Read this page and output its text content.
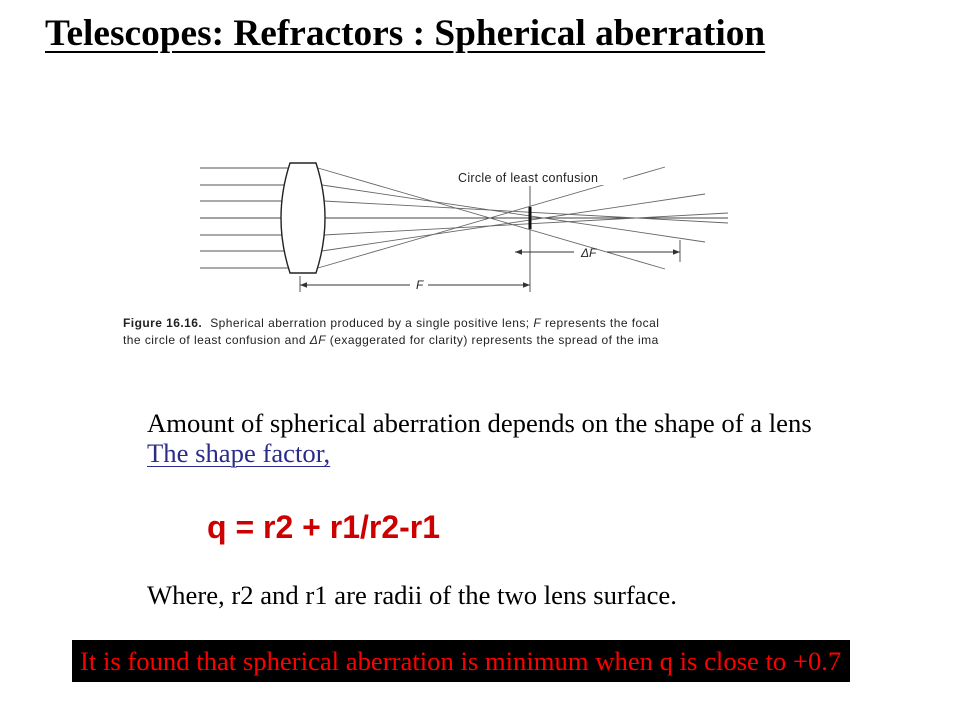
Telescopes: Refractors : Spherical aberration
Circle of least confusion
ΔF
F
Figure 16.16. Spherical aberration produced by a single positive lens; F represents the focal
the circle of least confusion and ΔF (exaggerated for clarity) represents the spread of the ima

Amount of spherical aberration depends on the shape of a lens

The shape factor,
q = r2 + r1/r2-r1

Where, r2 and r1 are radii of the two lens surface.

It is found that spherical aberration is minimum when q is close to +0.7
